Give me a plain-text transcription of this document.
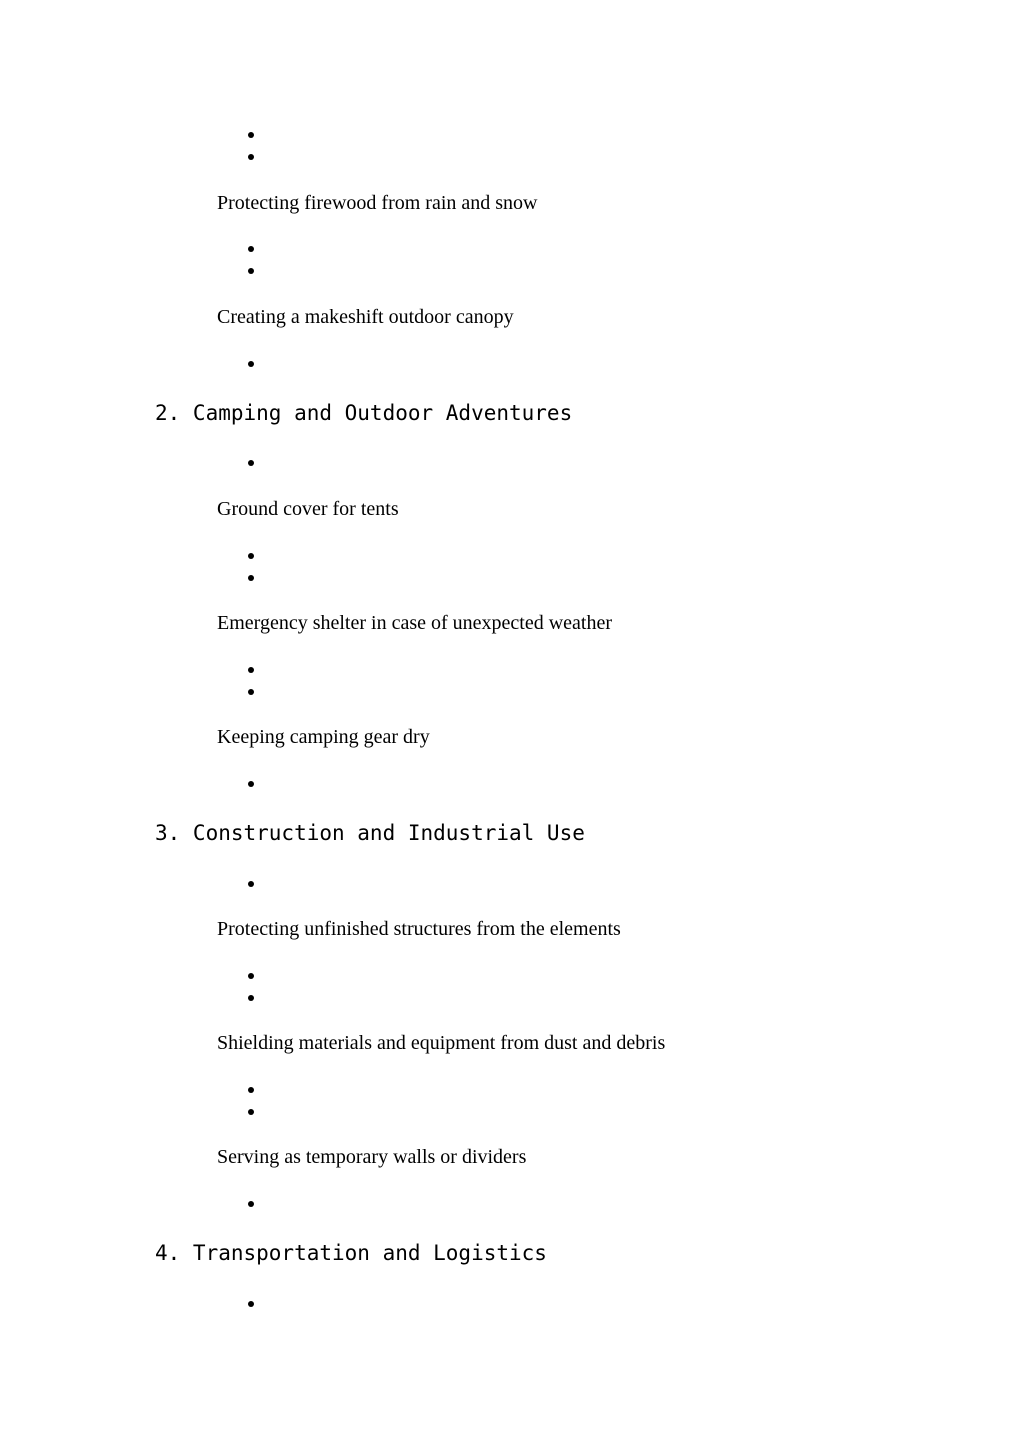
Protecting firewood from rain and snow
Creating a makeshift outdoor canopy
2. Camping and Outdoor Adventures
Ground cover for tents
Emergency shelter in case of unexpected weather
Keeping camping gear dry
3. Construction and Industrial Use
Protecting unfinished structures from the elements
Shielding materials and equipment from dust and debris
Serving as temporary walls or dividers
4. Transportation and Logistics
